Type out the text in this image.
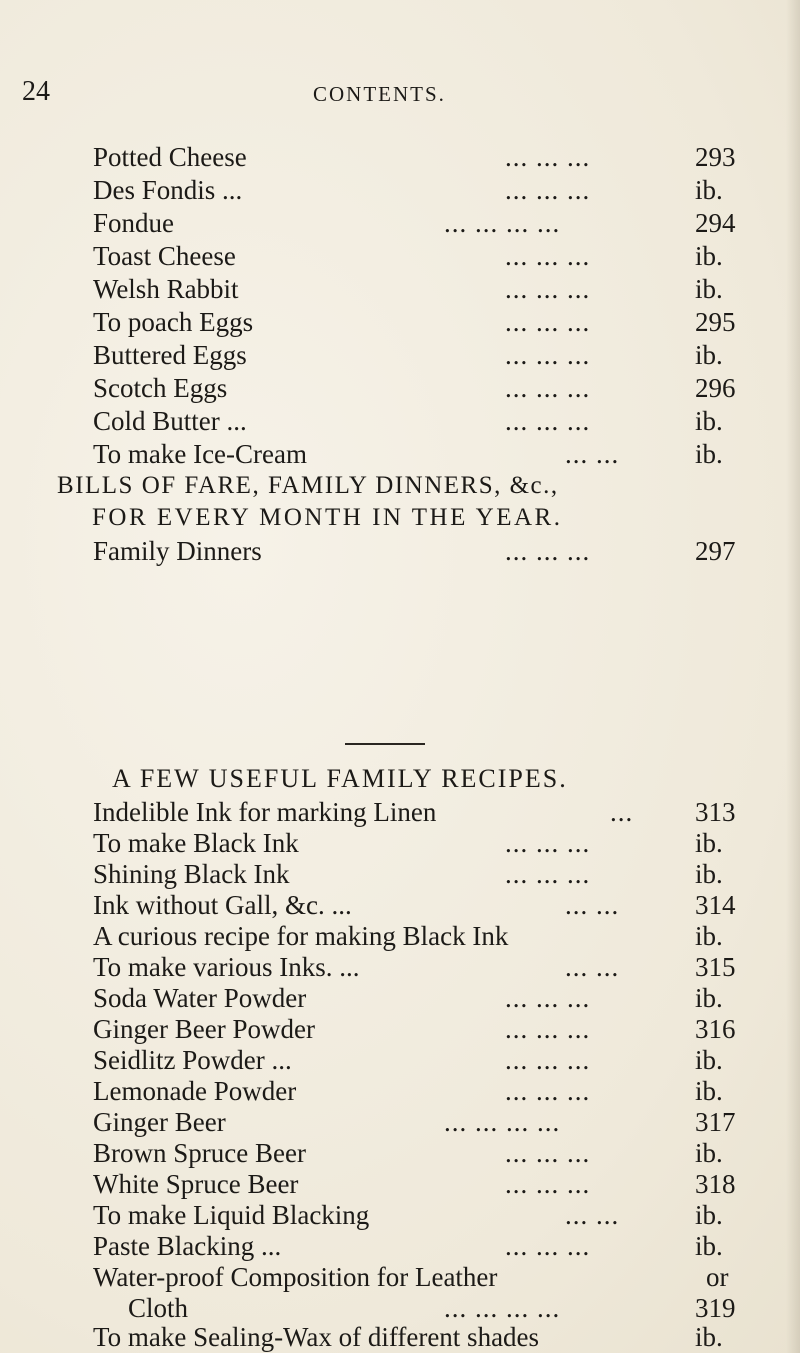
24	CONTENTS.
Potted Cheese	... ... ...	293
Des Fondis ...	... ... ...	ib.
Fondue	... ... ... ...	294
Toast Cheese	... ... ...	ib.
Welsh Rabbit	... ... ...	ib.
To poach Eggs	... ... ...	295
Buttered Eggs	... ... ...	ib.
Scotch Eggs	... ... ...	296
Cold Butter ...	... ... ...	ib.
To make Ice-Cream	... ...	ib.
BILLS OF FARE, FAMILY DINNERS, &c.,
FOR EVERY MONTH IN THE YEAR.
Family Dinners	... ... ...	297
A FEW USEFUL FAMILY RECIPES.
Indelible Ink for marking Linen	... 313
To make Black Ink	... ... ...	ib.
Shining Black Ink	... ... ...	ib.
Ink without Gall, &c. ...	... ...	314
A curious recipe for making Black Ink	ib.
To make various Inks. ...	... ...	315
Soda Water Powder	... ... ...	ib.
Ginger Beer Powder	... ... ...	316
Seidlitz Powder ...	... ... ...	ib.
Lemonade Powder	... ... ...	ib.
Ginger Beer	... ... ... ...	317
Brown Spruce Beer	... ... ...	ib.
White Spruce Beer	... ... ...	318
To make Liquid Blacking	... ...	ib.
Paste Blacking ...	... ... ...	ib.
Water-proof Composition for Leather	or
Cloth	... ... ... ...	319
To make Sealing-Wax of different shades	ib.
